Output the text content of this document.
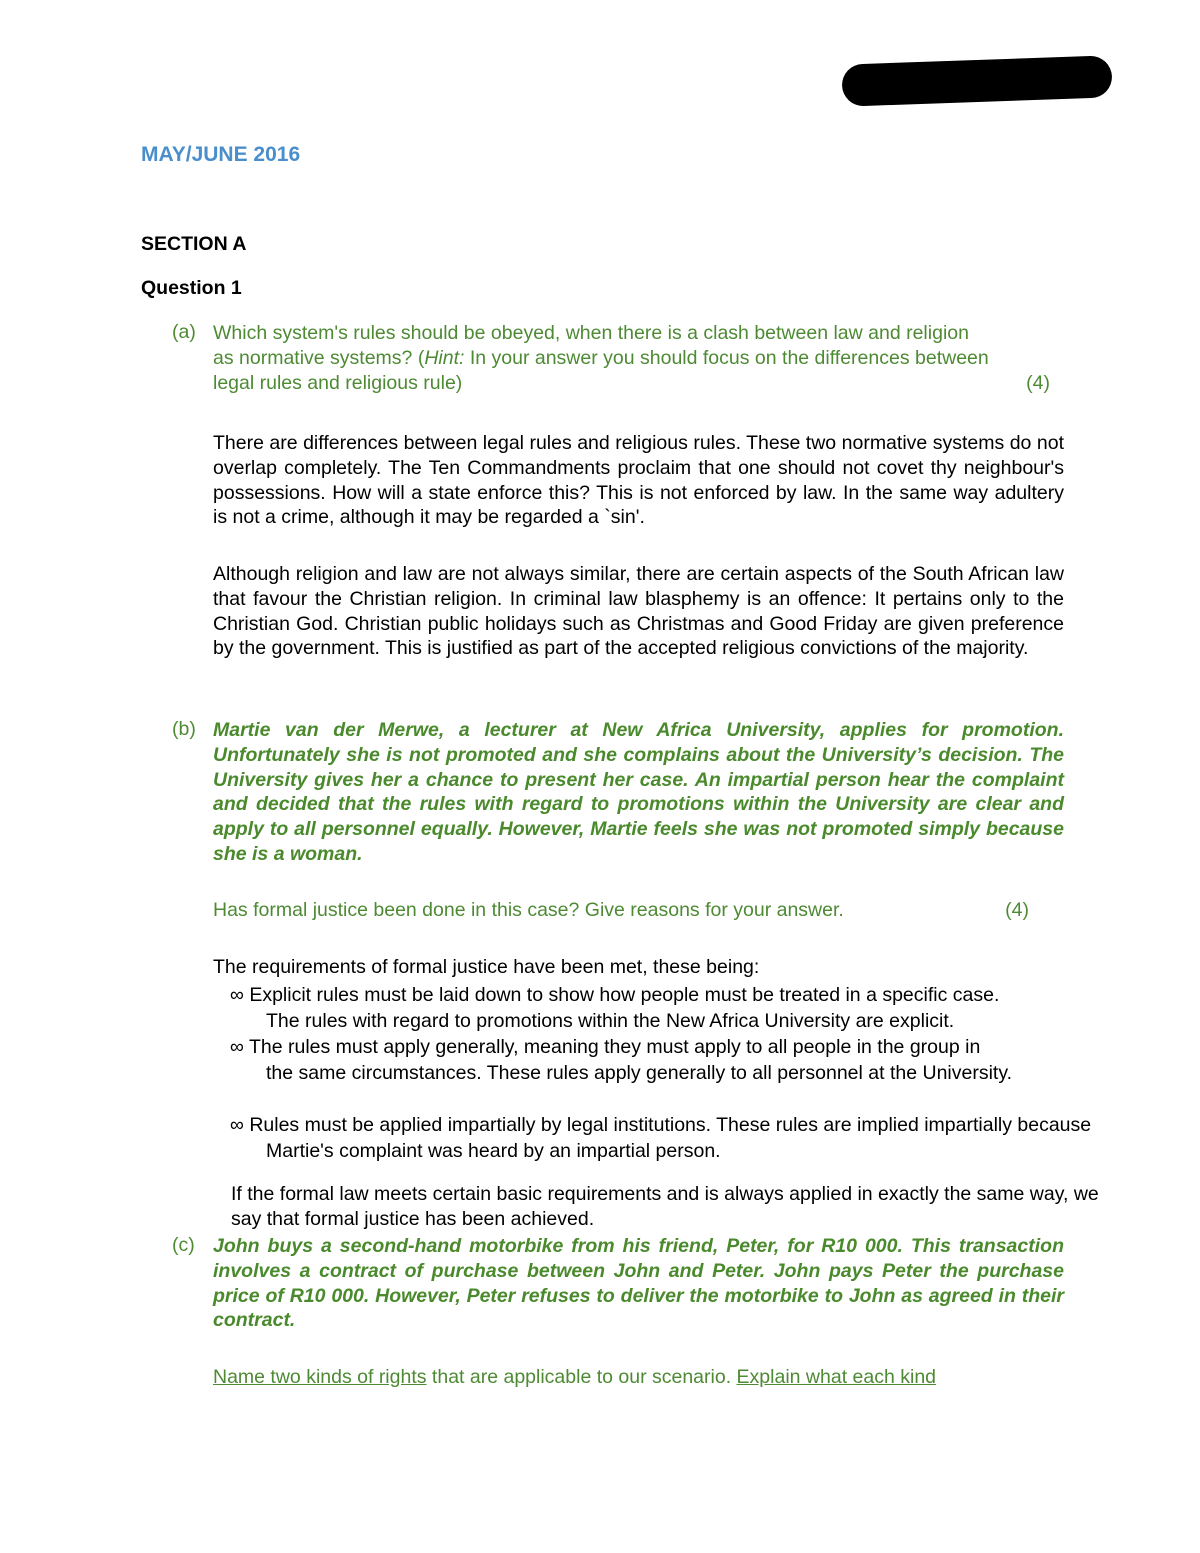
MAY/JUNE 2016
SECTION A
Question 1
(a) Which system's rules should be obeyed, when there is a clash between law and religion
as normative systems? (Hint: In your answer you should focus on the differences between
legal rules and religious rule)	(4)
There are differences between legal rules and religious rules. These two normative systems do not overlap completely. The Ten Commandments proclaim that one should not covet thy neighbour's possessions. How will a state enforce this? This is not enforced by law. In the same way adultery is not a crime, although it may be regarded a `sin'.
Although religion and law are not always similar, there are certain aspects of the South African law that favour the Christian religion. In criminal law blasphemy is an offence: It pertains only to the Christian God. Christian public holidays such as Christmas and Good Friday are given preference by the government. This is justified as part of the accepted religious convictions of the majority.
(b) Martie van der Merwe, a lecturer at New Africa University, applies for promotion. Unfortunately she is not promoted and she complains about the University’s decision. The University gives her a chance to present her case. An impartial person hear the complaint and decided that the rules with regard to promotions within the University are clear and apply to all personnel equally. However, Martie feels she was not promoted simply because she is a woman.
Has formal justice been done in this case? Give reasons for your answer.	(4)
The requirements of formal justice have been met, these being:
∞ Explicit rules must be laid down to show how people must be treated in a specific case.
The rules with regard to promotions within the New Africa University are explicit.
∞ The rules must apply generally, meaning they must apply to all people in the group in
the same circumstances. These rules apply generally to all personnel at the University.
∞ Rules must be applied impartially by legal institutions. These rules are implied impartially because
Martie's complaint was heard by an impartial person.
If the formal law meets certain basic requirements and is always applied in exactly the same way, we say that formal justice has been achieved.
(c) John buys a second-hand motorbike from his friend, Peter, for R10 000. This transaction involves a contract of purchase between John and Peter. John pays Peter the purchase price of R10 000. However, Peter refuses to deliver the motorbike to John as agreed in their contract.
Name two kinds of rights that are applicable to our scenario. Explain what each kind
